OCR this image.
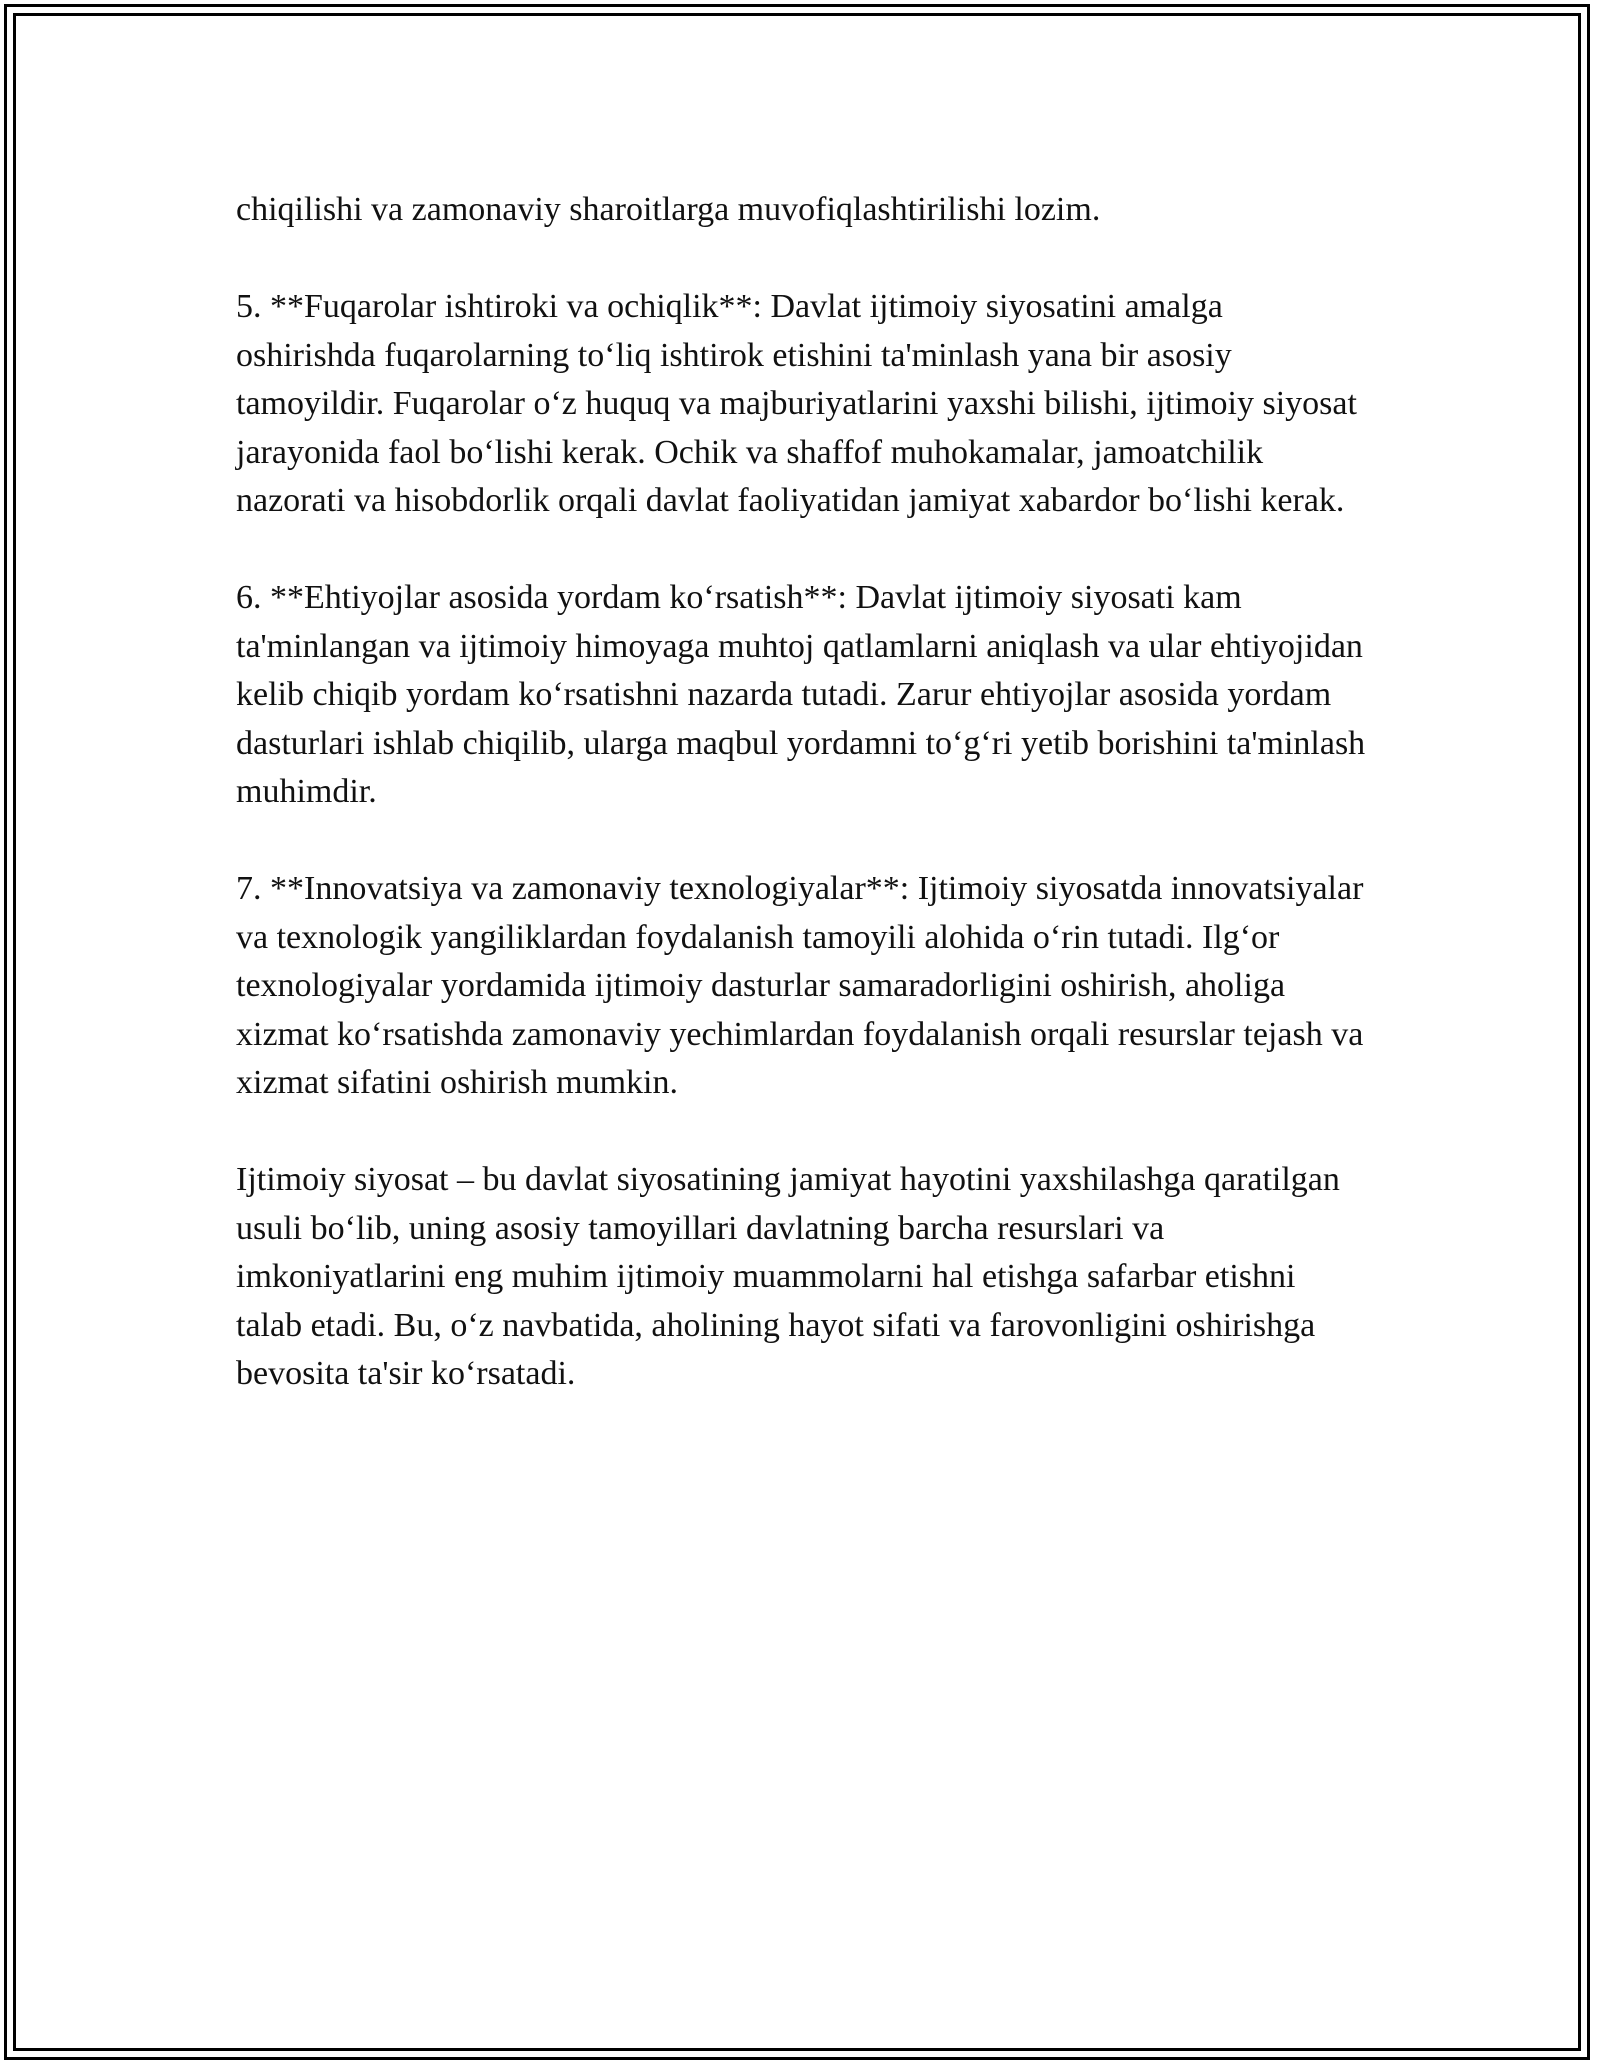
chiqilishi va zamonaviy sharoitlarga muvofiqlashtirilishi lozim.

5. **Fuqarolar ishtiroki va ochiqlik**: Davlat ijtimoiy siyosatini amalga oshirishda fuqarolarning to‘liq ishtirok etishini ta'minlash yana bir asosiy tamoyildir. Fuqarolar o‘z huquq va majburiyatlarini yaxshi bilishi, ijtimoiy siyosat jarayonida faol bo‘lishi kerak. Ochik va shaffof muhokamalar, jamoatchilik nazorati va hisobdorlik orqali davlat faoliyatidan jamiyat xabardor bo‘lishi kerak.

6. **Ehtiyojlar asosida yordam ko‘rsatish**: Davlat ijtimoiy siyosati kam ta'minlangan va ijtimoiy himoyaga muhtoj qatlamlarni aniqlash va ular ehtiyojidan kelib chiqib yordam ko‘rsatishni nazarda tutadi. Zarur ehtiyojlar asosida yordam dasturlari ishlab chiqilib, ularga maqbul yordamni to‘g‘ri yetib borishini ta'minlash muhimdir.

7. **Innovatsiya va zamonaviy texnologiyalar**: Ijtimoiy siyosatda innovatsiyalar va texnologik yangiliklardan foydalanish tamoyili alohida o‘rin tutadi. Ilg‘or texnologiyalar yordamida ijtimoiy dasturlar samaradorligini oshirish, aholiga xizmat ko‘rsatishda zamonaviy yechimlardan foydalanish orqali resurslar tejash va xizmat sifatini oshirish mumkin.

Ijtimoiy siyosat – bu davlat siyosatining jamiyat hayotini yaxshilashga qaratilgan usuli bo‘lib, uning asosiy tamoyillari davlatning barcha resurslari va imkoniyatlarini eng muhim ijtimoiy muammolarni hal etishga safarbar etishni talab etadi. Bu, o‘z navbatida, aholining hayot sifati va farovonligini oshirishga bevosita ta'sir ko‘rsatadi.
